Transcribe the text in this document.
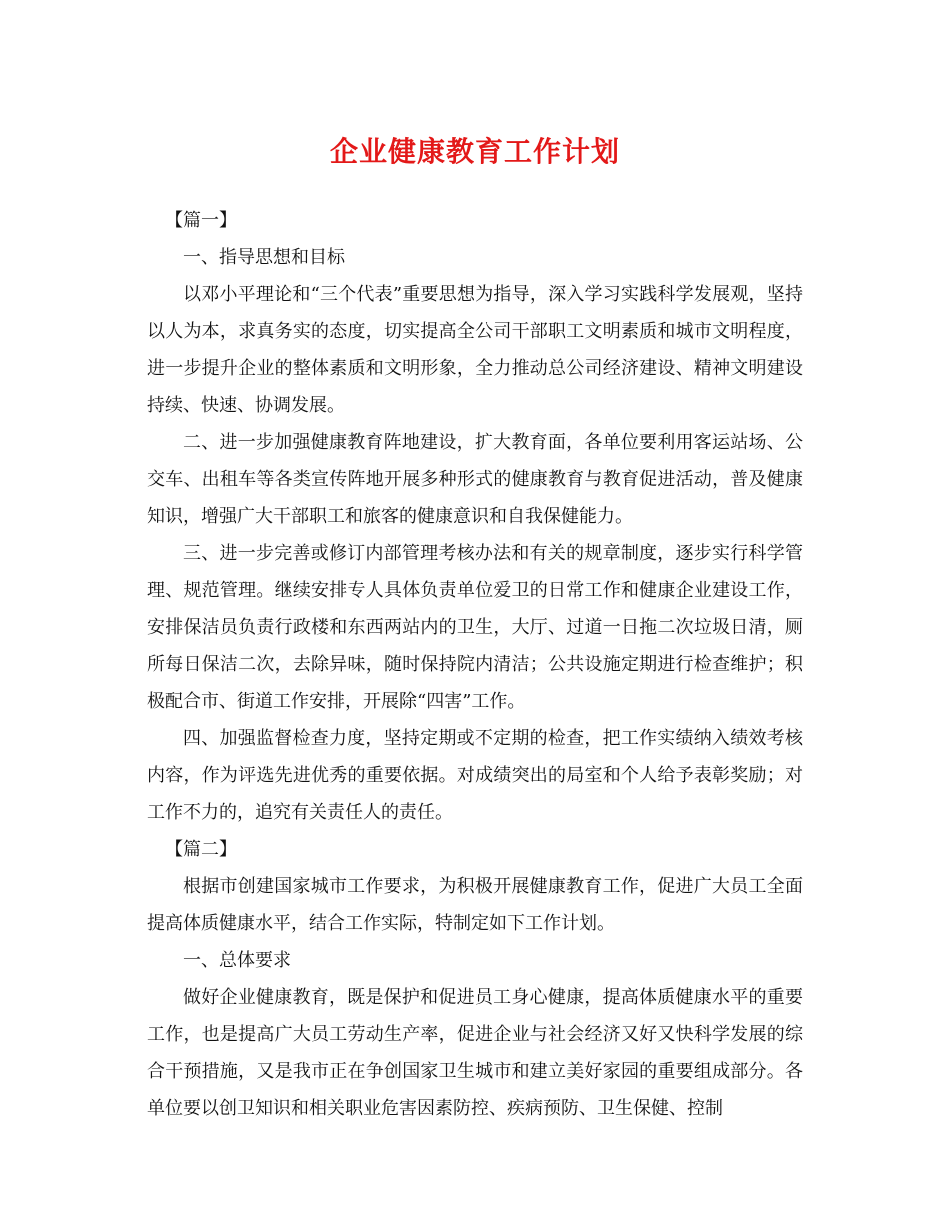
企业健康教育工作计划

【篇一】

一、指导思想和目标

以邓小平理论和“三个代表”重要思想为指导，深入学习实践科学发展观，坚持以人为本，求真务实的态度，切实提高全公司干部职工文明素质和城市文明程度，进一步提升企业的整体素质和文明形象，全力推动总公司经济建设、精神文明建设持续、快速、协调发展。

二、进一步加强健康教育阵地建设，扩大教育面，各单位要利用客运站场、公交车、出租车等各类宣传阵地开展多种形式的健康教育与教育促进活动，普及健康知识，增强广大干部职工和旅客的健康意识和自我保健能力。

三、进一步完善或修订内部管理考核办法和有关的规章制度，逐步实行科学管理、规范管理。继续安排专人具体负责单位爱卫的日常工作和健康企业建设工作，安排保洁员负责行政楼和东西两站内的卫生，大厅、过道一日拖二次垃圾日清，厕所每日保洁二次，去除异味，随时保持院内清洁；公共设施定期进行检查维护；积极配合市、街道工作安排，开展除“四害”工作。

四、加强监督检查力度，坚持定期或不定期的检查，把工作实绩纳入绩效考核内容，作为评选先进优秀的重要依据。对成绩突出的局室和个人给予表彰奖励；对工作不力的，追究有关责任人的责任。

【篇二】

根据市创建国家城市工作要求，为积极开展健康教育工作，促进广大员工全面提高体质健康水平，结合工作实际，特制定如下工作计划。

一、总体要求

做好企业健康教育，既是保护和促进员工身心健康，提高体质健康水平的重要工作，也是提高广大员工劳动生产率，促进企业与社会经济又好又快科学发展的综合干预措施，又是我市正在争创国家卫生城市和建立美好家园的重要组成部分。各单位要以创卫知识和相关职业危害因素防控、疾病预防、卫生保健、控制
